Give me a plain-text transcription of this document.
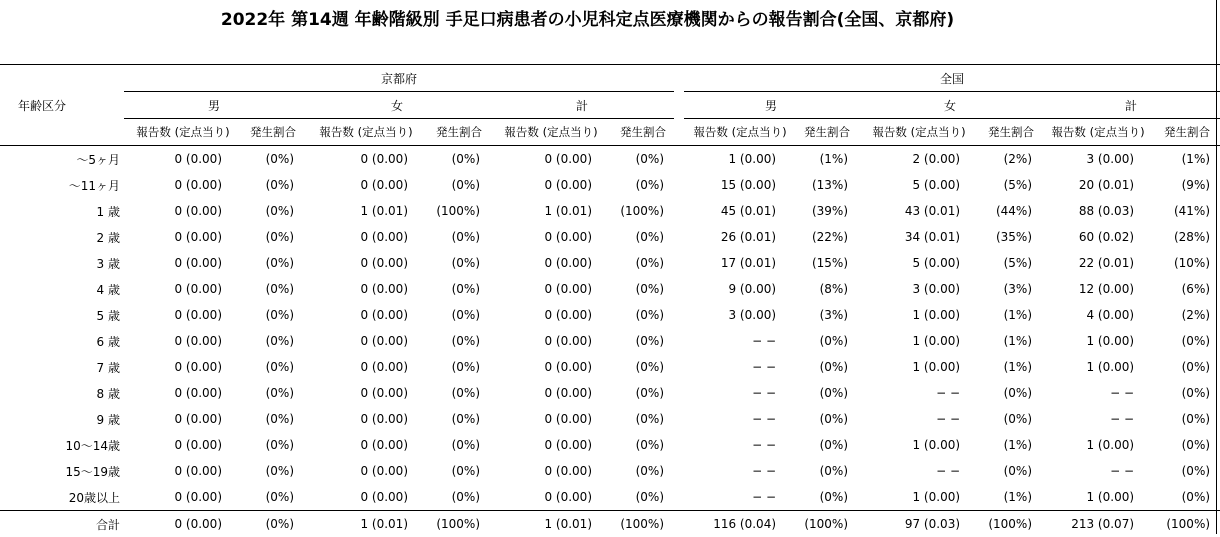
2022年 第14週 年齢階級別 手足口病患者の小児科定点医療機関からの報告割合(全国、京都府)
年齢区分	京都府							全国					
	男		女		計			男		女		計	
	報告数 (定点当り)	発生割合	報告数 (定点当り)	発生割合	報告数 (定点当り)	発生割合		報告数 (定点当り)	発生割合	報告数 (定点当り)	発生割合	報告数 (定点当り)	発生割合
〜5ヶ月	0 (0.00)	(0%)	0 (0.00)	(0%)	0 (0.00)	(0%)		1 (0.00)	(1%)	2 (0.00)	(2%)	3 (0.00)	(1%)
〜11ヶ月	0 (0.00)	(0%)	0 (0.00)	(0%)	0 (0.00)	(0%)		15 (0.00)	(13%)	5 (0.00)	(5%)	20 (0.01)	(9%)
1 歳	0 (0.00)	(0%)	1 (0.01)	(100%)	1 (0.01)	(100%)		45 (0.01)	(39%)	43 (0.01)	(44%)	88 (0.03)	(41%)
2 歳	0 (0.00)	(0%)	0 (0.00)	(0%)	0 (0.00)	(0%)		26 (0.01)	(22%)	34 (0.01)	(35%)	60 (0.02)	(28%)
3 歳	0 (0.00)	(0%)	0 (0.00)	(0%)	0 (0.00)	(0%)		17 (0.01)	(15%)	5 (0.00)	(5%)	22 (0.01)	(10%)
4 歳	0 (0.00)	(0%)	0 (0.00)	(0%)	0 (0.00)	(0%)		9 (0.00)	(8%)	3 (0.00)	(3%)	12 (0.00)	(6%)
5 歳	0 (0.00)	(0%)	0 (0.00)	(0%)	0 (0.00)	(0%)		3 (0.00)	(3%)	1 (0.00)	(1%)	4 (0.00)	(2%)
6 歳	0 (0.00)	(0%)	0 (0.00)	(0%)	0 (0.00)	(0%)		− −	(0%)	1 (0.00)	(1%)	1 (0.00)	(0%)
7 歳	0 (0.00)	(0%)	0 (0.00)	(0%)	0 (0.00)	(0%)		− −	(0%)	1 (0.00)	(1%)	1 (0.00)	(0%)
8 歳	0 (0.00)	(0%)	0 (0.00)	(0%)	0 (0.00)	(0%)		− −	(0%)	− −	(0%)	− −	(0%)
9 歳	0 (0.00)	(0%)	0 (0.00)	(0%)	0 (0.00)	(0%)		− −	(0%)	− −	(0%)	− −	(0%)
10〜14歳	0 (0.00)	(0%)	0 (0.00)	(0%)	0 (0.00)	(0%)		− −	(0%)	1 (0.00)	(1%)	1 (0.00)	(0%)
15〜19歳	0 (0.00)	(0%)	0 (0.00)	(0%)	0 (0.00)	(0%)		− −	(0%)	− −	(0%)	− −	(0%)
20歳以上	0 (0.00)	(0%)	0 (0.00)	(0%)	0 (0.00)	(0%)		− −	(0%)	1 (0.00)	(1%)	1 (0.00)	(0%)
合計	0 (0.00)	(0%)	1 (0.01)	(100%)	1 (0.01)	(100%)		116 (0.04)	(100%)	97 (0.03)	(100%)	213 (0.07)	(100%)
